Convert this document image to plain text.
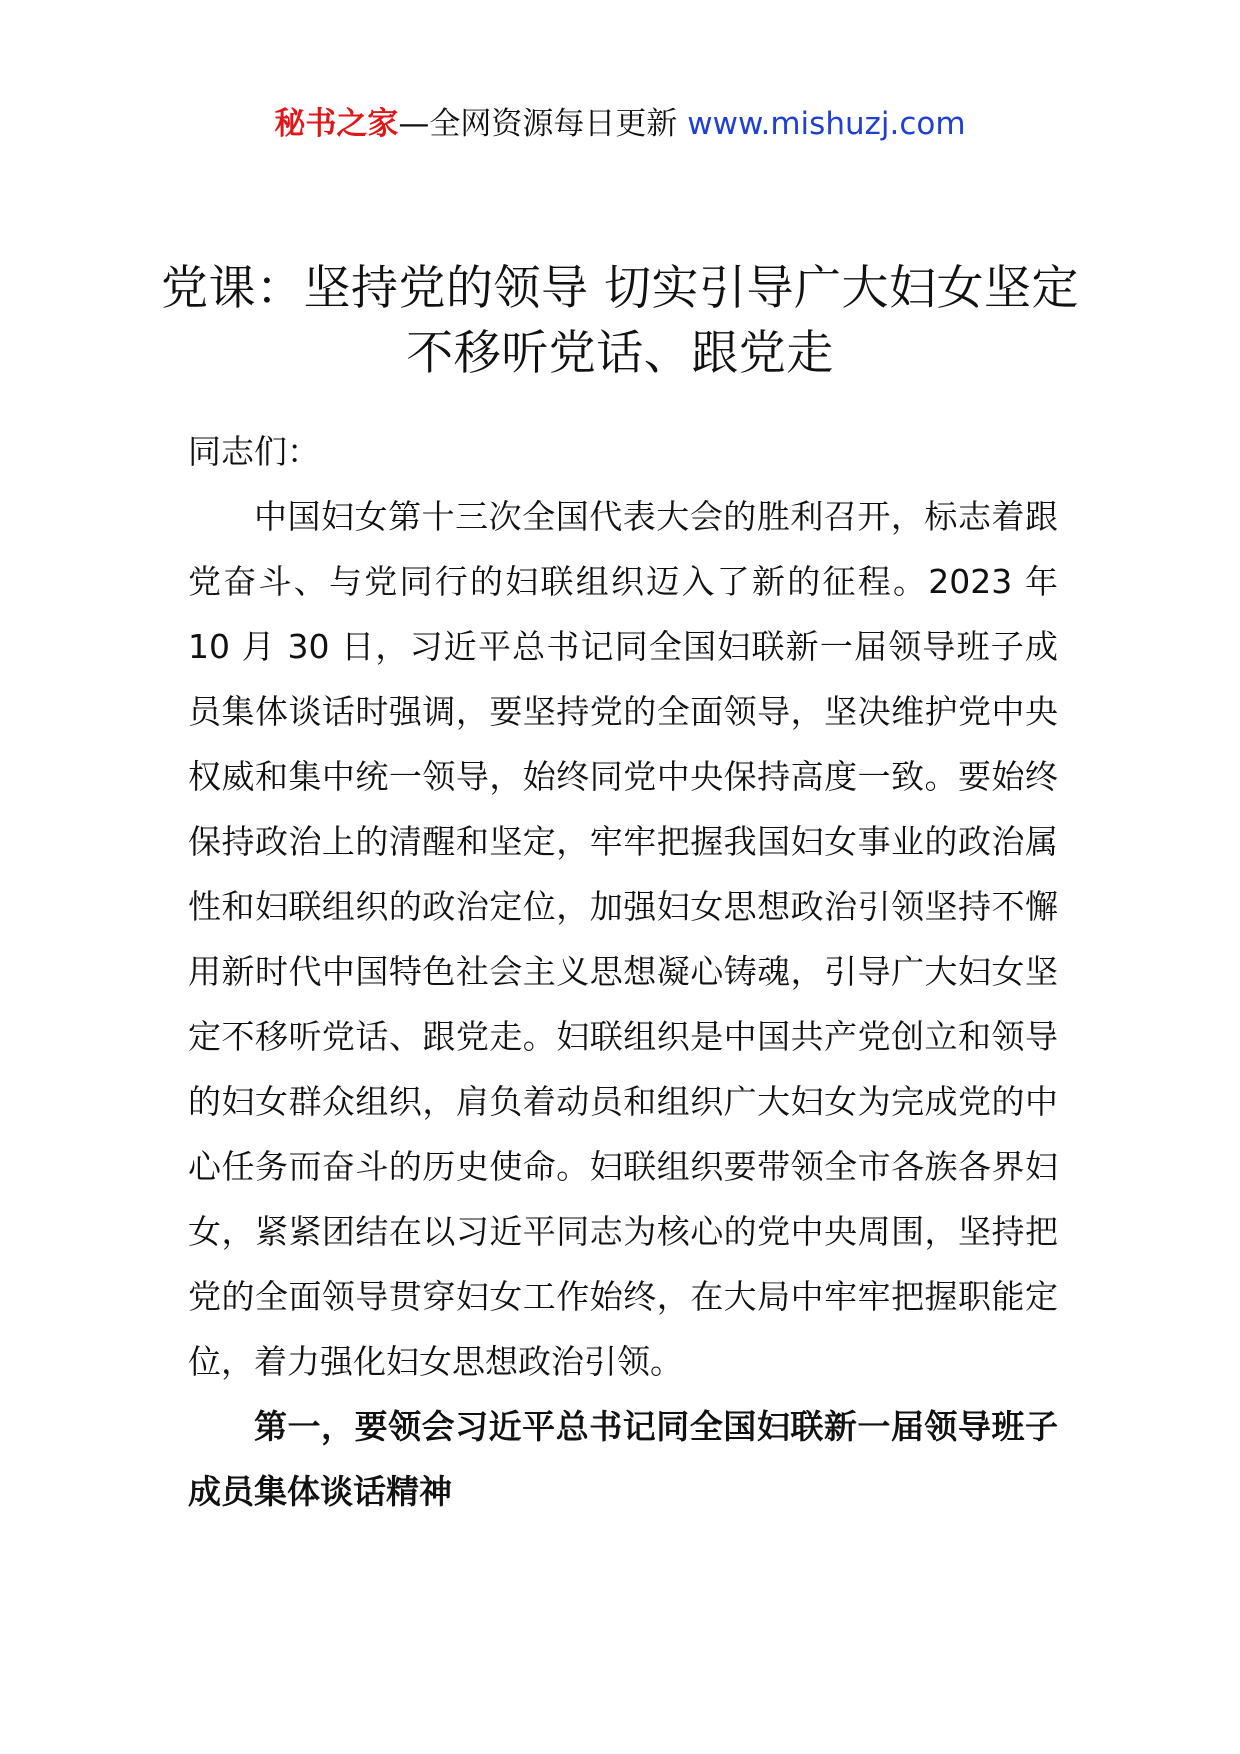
秘书之家—全网资源每日更新 www.mishuzj.com
党课：坚持党的领导 切实引导广大妇女坚定不移听党话、跟党走

同志们：

中国妇女第十三次全国代表大会的胜利召开，标志着跟党奋斗、与党同行的妇联组织迈入了新的征程。2023 年 10 月 30 日，习近平总书记同全国妇联新一届领导班子成员集体谈话时强调，要坚持党的全面领导，坚决维护党中央权威和集中统一领导，始终同党中央保持高度一致。要始终保持政治上的清醒和坚定，牢牢把握我国妇女事业的政治属性和妇联组织的政治定位，加强妇女思想政治引领坚持不懈用新时代中国特色社会主义思想凝心铸魂，引导广大妇女坚定不移听党话、跟党走。妇联组织是中国共产党创立和领导的妇女群众组织，肩负着动员和组织广大妇女为完成党的中心任务而奋斗的历史使命。妇联组织要带领全市各族各界妇女，紧紧团结在以习近平同志为核心的党中央周围，坚持把党的全面领导贯穿妇女工作始终，在大局中牢牢把握职能定位，着力强化妇女思想政治引领。

第一，要领会习近平总书记同全国妇联新一届领导班子成员集体谈话精神
